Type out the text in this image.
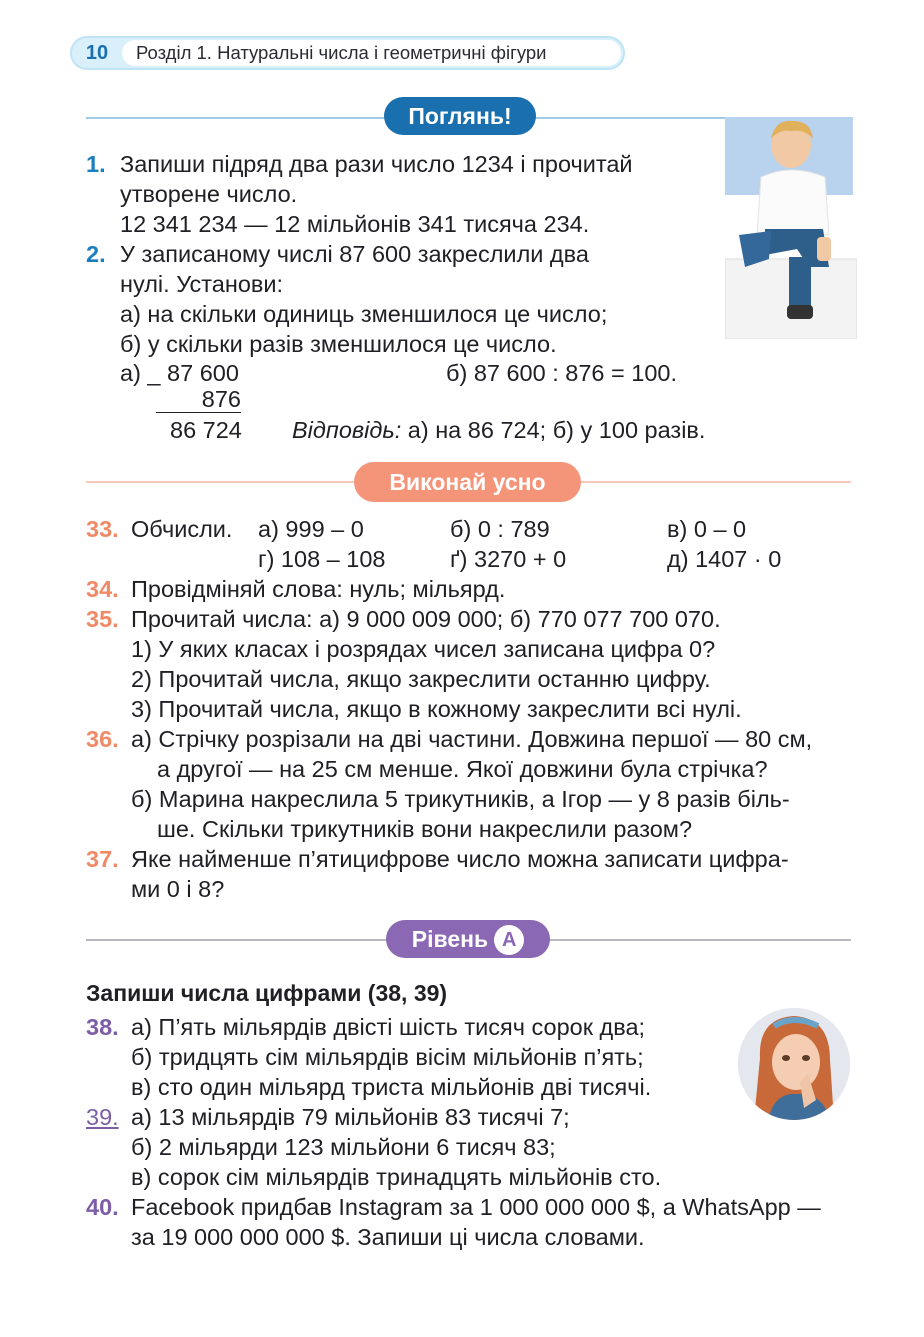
10	Розділ 1. Натуральні числа і геометричні фігури
Поглянь!
1. Запиши підряд два рази число 1234 і прочитай
утворене число.
12 341 234 — 12 мільйонів 341 тисяча 234.
2. У записаному числі 87 600 закреслили два
нулі. Установи:
а) на скільки одиниць зменшилося це число;
б) у скільки разів зменшилося це число.
а) _ 87 600	б) 87 600 : 876 = 100.
876
86 724 Відповідь: а) на 86 724; б) у 100 разів.
Виконай усно
33. Обчисли. а) 999 – 0	б) 0 : 789	в) 0 – 0
г) 108 – 108	ґ) 3270 + 0	д) 1407 · 0
34. Провідміняй слова: нуль; мільярд.
35. Прочитай числа: а) 9 000 009 000; б) 770 077 700 070.
1) У яких класах і розрядах чисел записана цифра 0?
2) Прочитай числа, якщо закреслити останню цифру.
3) Прочитай числа, якщо в кожному закреслити всі нулі.
36. а) Стрічку розрізали на дві частини. Довжина першої — 80 см,
а другої — на 25 см менше. Якої довжини була стрічка?
б) Марина накреслила 5 трикутників, а Ігор — у 8 разів біль-
ше. Скільки трикутників вони накреслили разом?
37. Яке найменше п’ятицифрове число можна записати цифра-
ми 0 і 8?
Рівень А
Запиши числа цифрами (38, 39)
38. а) П’ять мільярдів двісті шість тисяч сорок два;
б) тридцять сім мільярдів вісім мільйонів п’ять;
в) сто один мільярд триста мільйонів дві тисячі.
39. а) 13 мільярдів 79 мільйонів 83 тисячі 7;
б) 2 мільярди 123 мільйони 6 тисяч 83;
в) сорок сім мільярдів тринадцять мільйонів сто.
40. Facebook придбав Instagram за 1 000 000 000 $, а WhatsApp —
за 19 000 000 000 $. Запиши ці числа словами.
